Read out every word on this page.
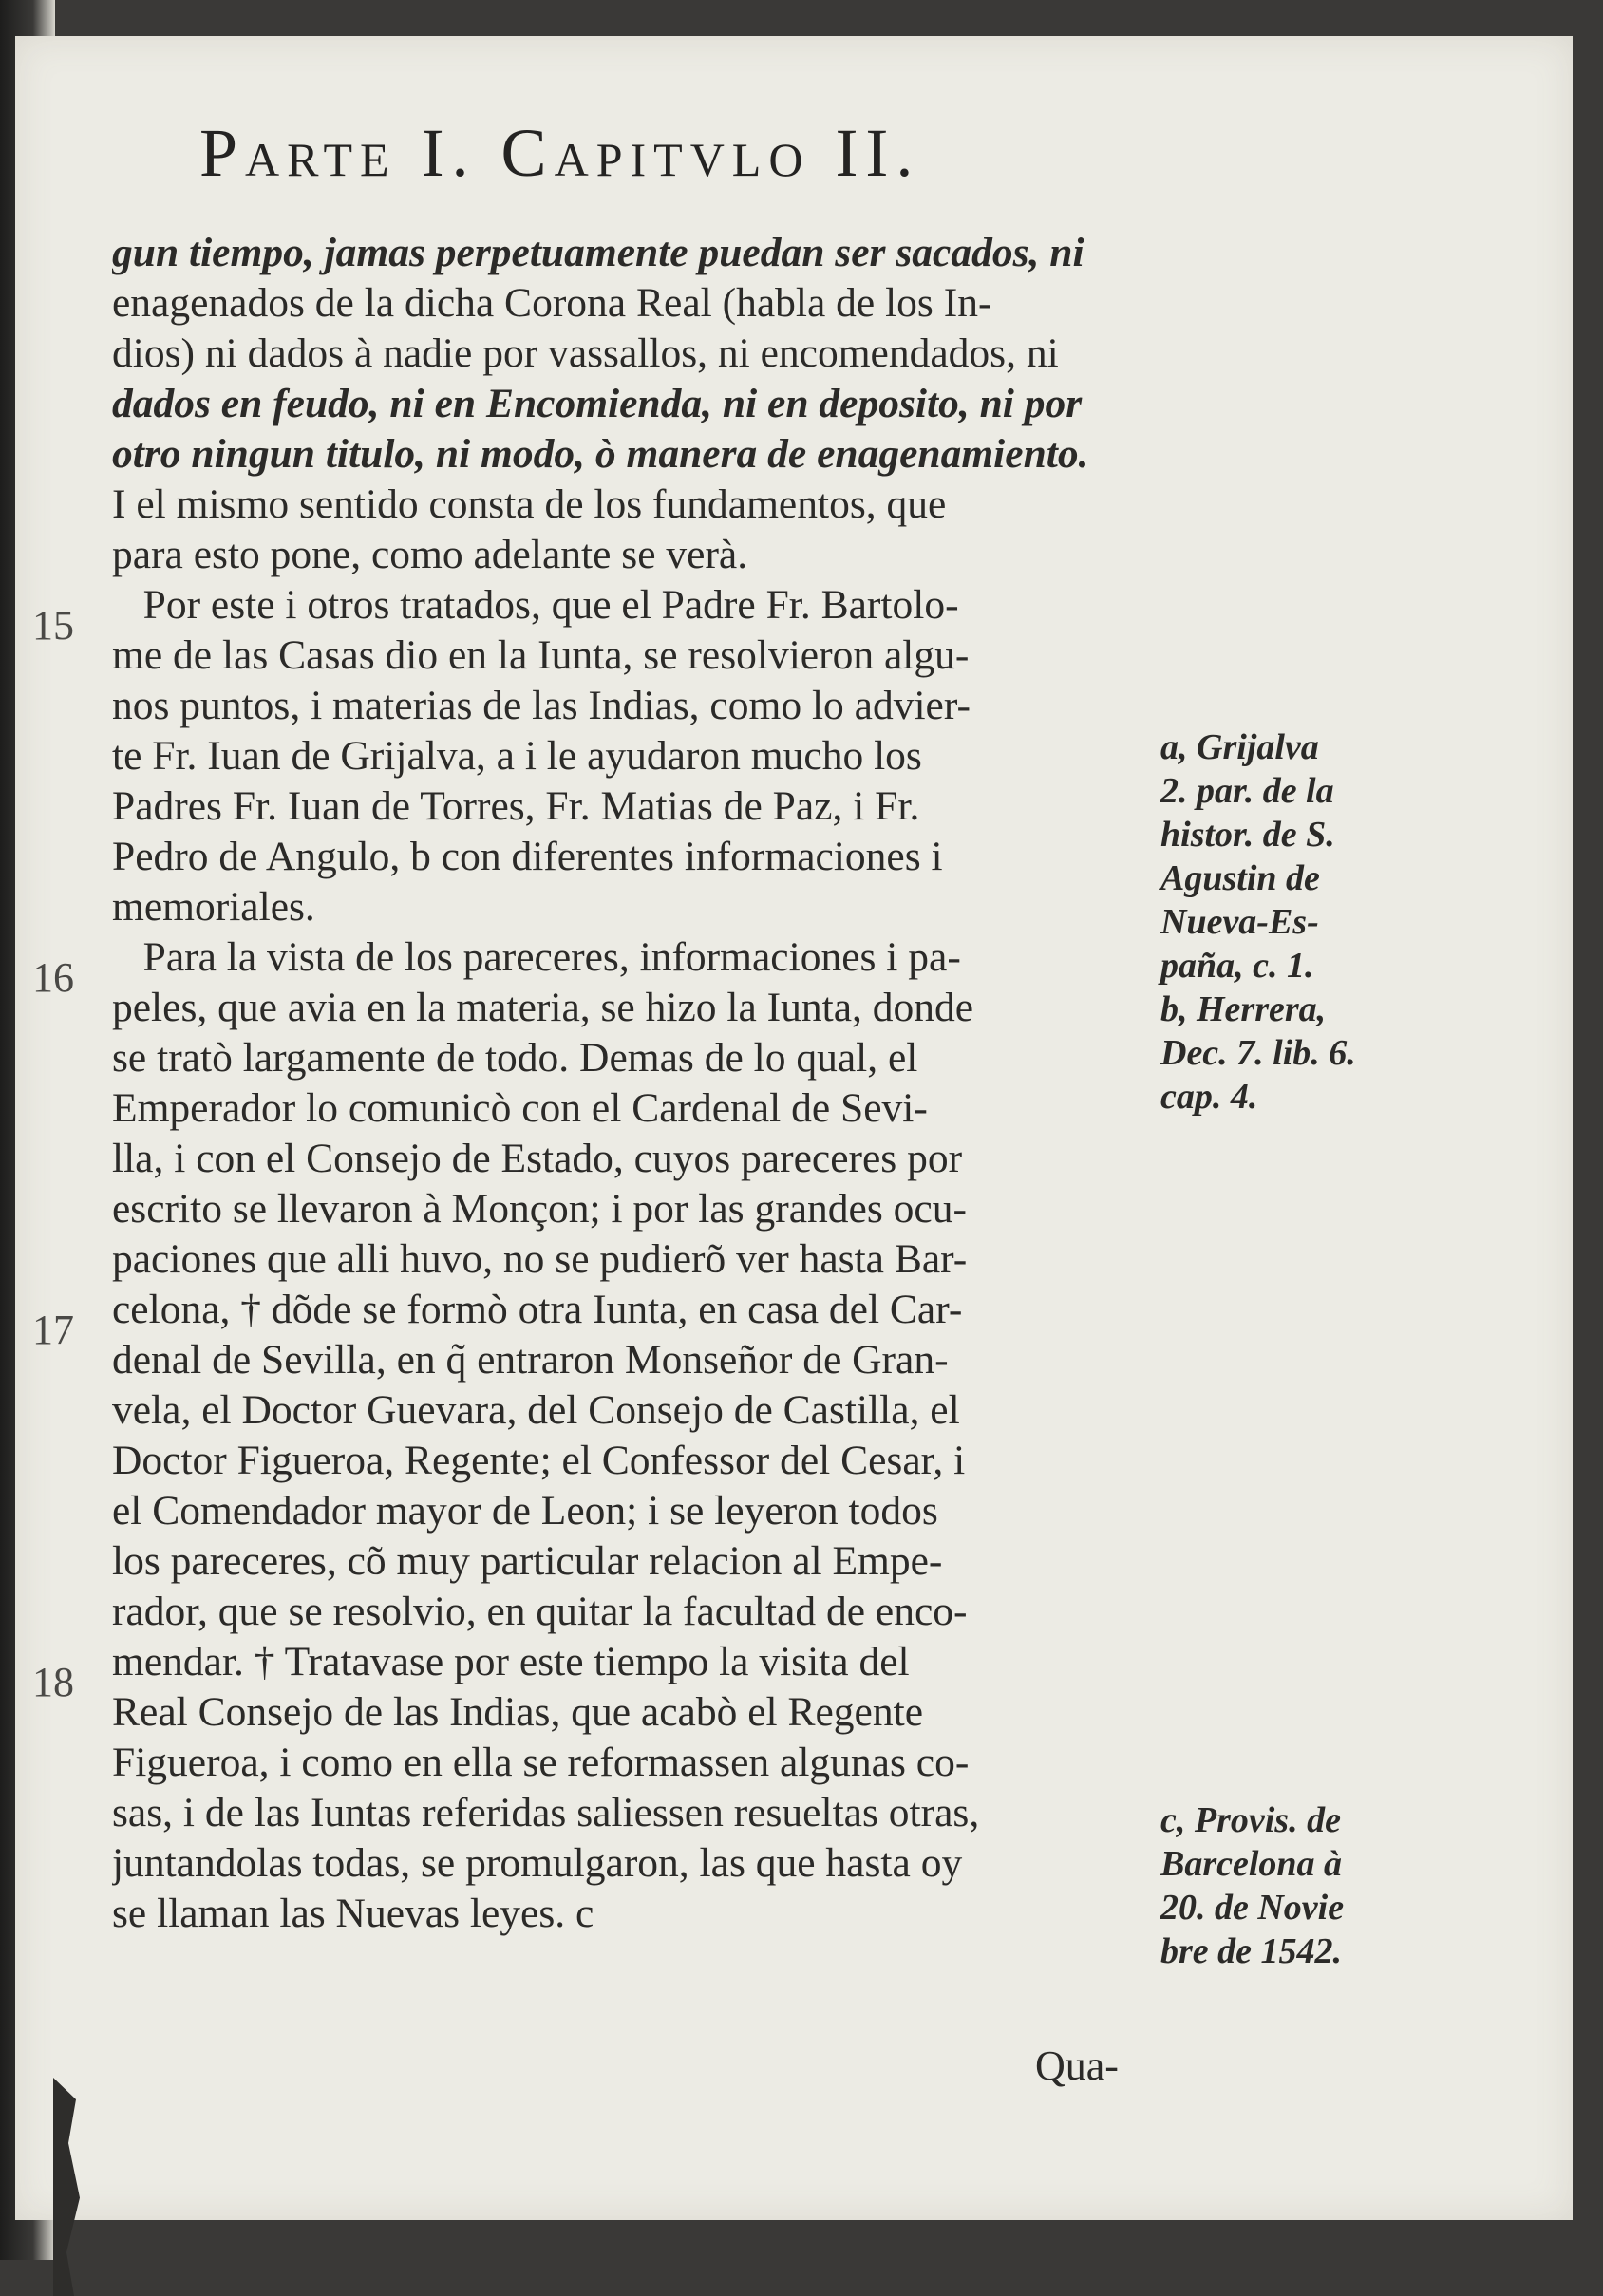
Parte I. Capitvlo II.
gun tiempo, jamas perpetuamente puedan ser sacados, ni
enagenados de la dicha Corona Real (habla de los In-
dios) ni dados à nadie por vassallos, ni encomendados, ni
dados en feudo, ni en Encomienda, ni en deposito, ni por
otro ningun titulo, ni modo, ò manera de enagenamiento.
I el mismo sentido consta de los fundamentos, que
para esto pone, como adelante se verà.
Por este i otros tratados, que el Padre Fr. Bartolo-
me de las Casas dio en la Iunta, se resolvieron algu-
nos puntos, i materias de las Indias, como lo advier-
te Fr. Iuan de Grijalva, a i le ayudaron mucho los
Padres Fr. Iuan de Torres, Fr. Matias de Paz, i Fr.
Pedro de Angulo, b con diferentes informaciones i
memoriales.
Para la vista de los pareceres, informaciones i pa-
peles, que avia en la materia, se hizo la Iunta, donde
se tratò largamente de todo. Demas de lo qual, el
Emperador lo comunicò con el Cardenal de Sevi-
lla, i con el Consejo de Estado, cuyos pareceres por
escrito se llevaron à Monçon; i por las grandes ocu-
paciones que alli huvo, no se pudierõ ver hasta Bar-
celona, † dõde se formò otra Iunta, en casa del Car-
denal de Sevilla, en q̃ entraron Monseñor de Gran-
vela, el Doctor Guevara, del Consejo de Castilla, el
Doctor Figueroa, Regente; el Confessor del Cesar, i
el Comendador mayor de Leon; i se leyeron todos
los pareceres, cõ muy particular relacion al Empe-
rador, que se resolvio, en quitar la facultad de enco-
mendar. † Tratavase por este tiempo la visita del
Real Consejo de las Indias, que acabò el Regente
Figueroa, i como en ella se reformassen algunas co-
sas, i de las Iuntas referidas saliessen resueltas otras,
juntandolas todas, se promulgaron, las que hasta oy
se llaman las Nuevas leyes. c
15
16
17
18
a, Grijalva
2. par. de la
histor. de S.
Agustin de
Nueva-Es-
paña, c. 1.
b, Herrera,
Dec. 7. lib. 6.
cap. 4.
c, Provis. de
Barcelona à
20. de Novie
bre de 1542.
Qua-
